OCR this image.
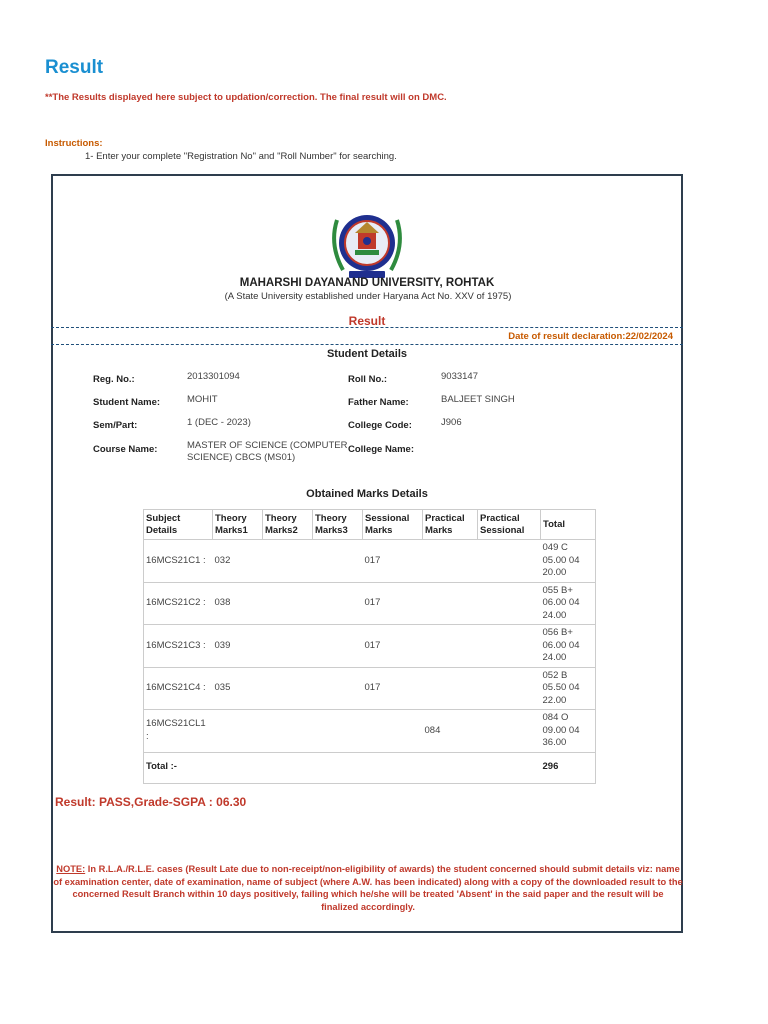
Result
**The Results displayed here subject to updation/correction. The final result will on DMC.
Instructions:
1- Enter your complete "Registration No" and "Roll Number" for searching.
MAHARSHI DAYANAND UNIVERSITY, ROHTAK
(A State University established under Haryana Act No. XXV of 1975)
Result
Date of result declaration:22/02/2024
Student Details
Reg. No.:	2013301094	Roll No.:	9033147
Student Name:	MOHIT	Father Name:	BALJEET SINGH
Sem/Part:	1 (DEC - 2023)	College Code:	J906
Course Name:	MASTER OF SCIENCE (COMPUTER SCIENCE) CBCS (MS01)
College Name:
Obtained Marks Details
Subject Details	Theory Marks1	Theory Marks2	Theory Marks3	Sessional Marks	Practical Marks	Practical Sessional	Total
16MCS21C1 :	032			017			049 C 05.00 04 20.00
16MCS21C2 :	038			017			055 B+ 06.00 04 24.00
16MCS21C3 :	039			017			056 B+ 06.00 04 24.00
16MCS21C4 :	035			017			052 B 05.50 04 22.00
16MCS21CL1 :					084		084 O 09.00 04 36.00
Total :-							296
Result: PASS,Grade-SGPA : 06.30
NOTE: In R.L.A./R.L.E. cases (Result Late due to non-receipt/non-eligibility of awards) the student concerned should submit details viz: name of examination center, date of examination, name of subject (where A.W. has been indicated) along with a copy of the downloaded result to the concerned Result Branch within 10 days positively, failing which he/she will be treated 'Absent' in the said paper and the result will be finalized accordingly.
